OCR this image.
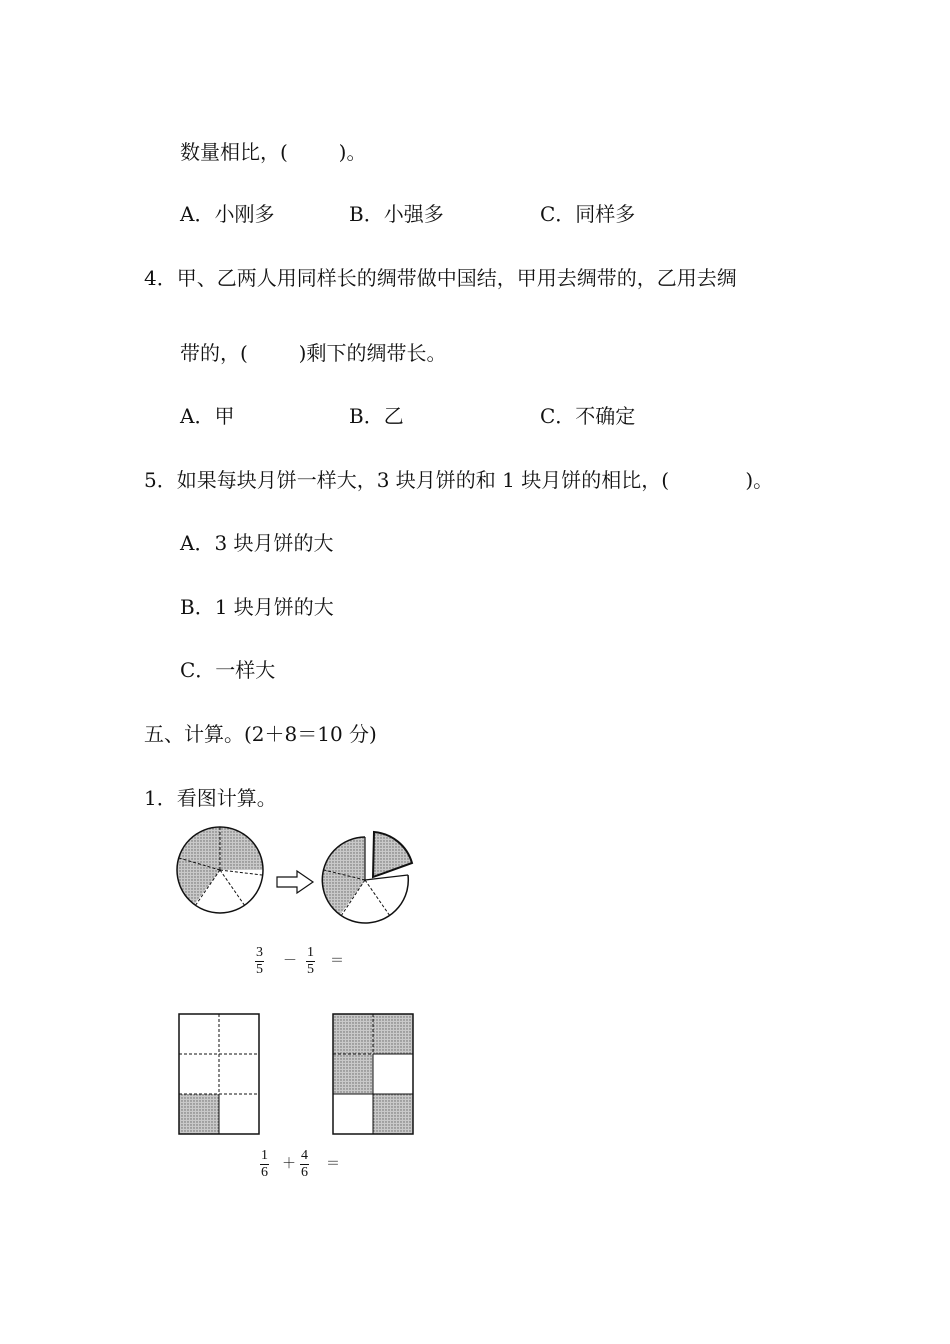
数量相比，(        )。
A．小刚多	B．小强多	C．同样多
4．甲、乙两人用同样长的绸带做中国结，甲用去绸带的，乙用去绸
带的，(        )剩下的绸带长。
A．甲	B．乙	C．不确定
5．如果每块月饼一样大，3 块月饼的和 1 块月饼的相比，(            )。
A．3 块月饼的大
B．1 块月饼的大
C．一样大
五、计算。(2＋8＝10 分)
1．看图计算。
$\frac{3}{5} - \frac{1}{5}$ ＝
$\frac{1}{6} + \frac{4}{6}$ ＝
